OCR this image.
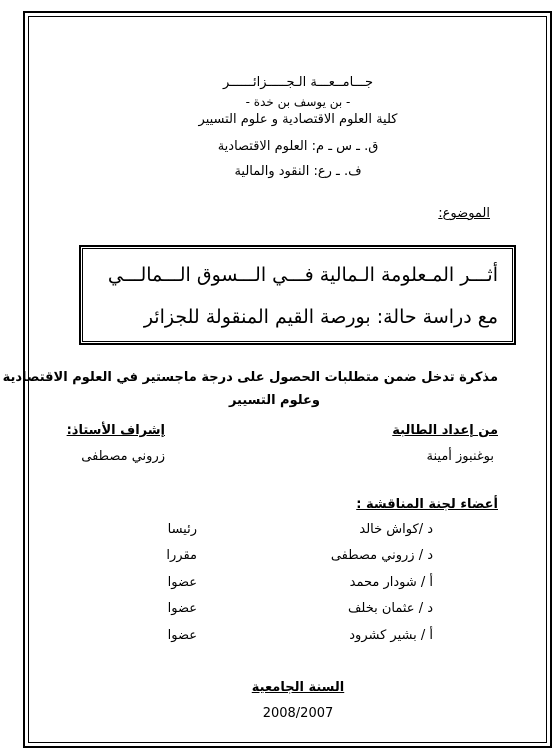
جـــامــعـــة الـجـــــزائــــــر
- بن يوسف بن خدة -
كلية العلوم الاقتصادية و علوم التسيير
ق. ـ س ـ م: العلوم الاقتصادية
ف. ـ رع: النقود والمالية
الموضوع:
أثـــر المـعلومة الـمالية فـــي الـــسوق الـــمالـــي
مع دراسة حالة: بورصة القيم المنقولة للجزائر
مذكرة تدخل ضمن متطلبات الحصول على درجة ماجستير في العلوم الاقتصادية
وعلوم التسيير
من إعداد الطالبة
بوغنبوز أمينة
إشراف الأستاذ:
زروني مصطفى
أعضاء لجنة المناقشة :
د /كواش خالد
رئيسا
د / زروني مصطفى
مقررا
أ / شودار محمد
عضوا
د / عثمان بخلف
عضوا
أ / بشير كشرود
عضوا
السنة الجامعية
2008/2007
